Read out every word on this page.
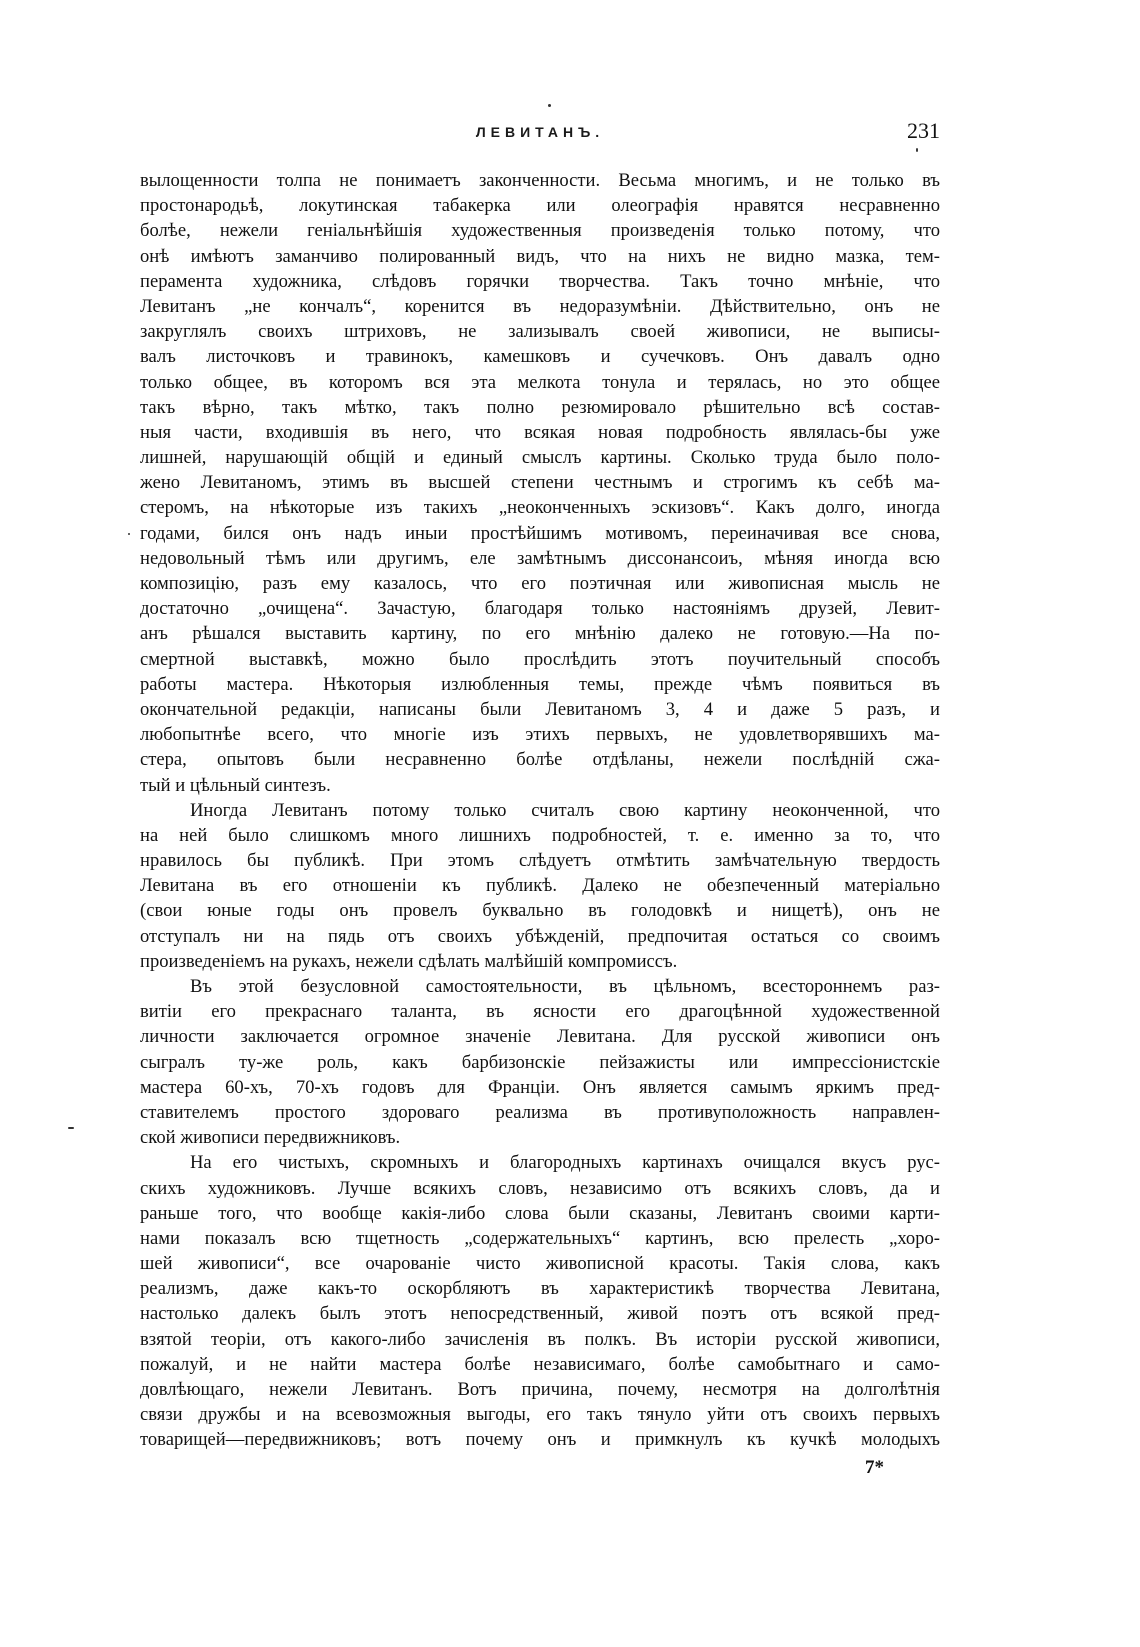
ЛЕВИТАНЪ.	231
вылощенности толпа не понимаетъ законченности. Весьма многимъ, и не только въ
простонародьѣ, локутинская табакерка или олеографія нравятся несравненно
болѣе, нежели геніальнѣйшія художественныя произведенія только потому, что
онѣ имѣютъ заманчиво полированный видъ, что на нихъ не видно мазка, тем-
перамента художника, слѣдовъ горячки творчества. Такъ точно мнѣніе, что
Левитанъ „не кончалъ“, коренится въ недоразумѣніи. Дѣйствительно, онъ не
закруглялъ своихъ штриховъ, не зализывалъ своей живописи, не выписы-
валъ листочковъ и травинокъ, камешковъ и сучечковъ. Онъ давалъ одно
только общее, въ которомъ вся эта мелкота тонула и терялась, но это общее
такъ вѣрно, такъ мѣтко, такъ полно резюмировало рѣшительно всѣ состав-
ныя части, входившія въ него, что всякая новая подробность являлась-бы уже
лишней, нарушающій общій и единый смыслъ картины. Сколько труда было поло-
жено Левитаномъ, этимъ въ высшей степени честнымъ и строгимъ къ себѣ ма-
стеромъ, на нѣкоторые изъ такихъ „неоконченныхъ эскизовъ“. Какъ долго, иногда
годами, бился онъ надъ иныи простѣйшимъ мотивомъ, переиначивая все снова,
недовольный тѣмъ или другимъ, еле замѣтнымъ диссонансоиъ, мѣняя иногда всю
композицію, разъ ему казалось, что его поэтичная или живописная мысль не
достаточно „очищена“. Зачастую, благодаря только настояніямъ друзей, Левит-
анъ рѣшался выставить картину, по его мнѣнію далеко не готовую.—На по-
смертной выставкѣ, можно было прослѣдить этотъ поучительный способъ
работы мастера. Нѣкоторыя излюбленныя темы, прежде чѣмъ появиться въ
окончательной редакціи, написаны были Левитаномъ 3, 4 и даже 5 разъ, и
любопытнѣе всего, что многіе изъ этихъ первыхъ, не удовлетворявшихъ ма-
стера, опытовъ были несравненно болѣе отдѣланы, нежели послѣдній сжа-
тый и цѣльный синтезъ.
Иногда Левитанъ потому только считалъ свою картину неоконченной, что
на ней было слишкомъ много лишнихъ подробностей, т. е. именно за то, что
нравилось бы публикѣ. При этомъ слѣдуетъ отмѣтить замѣчательную твердость
Левитана въ его отношеніи къ публикѣ. Далеко не обезпеченный матеріально
(свои юные годы онъ провелъ буквально въ голодовкѣ и нищетѣ), онъ не
отступалъ ни на пядь отъ своихъ убѣжденій, предпочитая остаться со своимъ
произведеніемъ на рукахъ, нежели сдѣлать малѣйшій компромиссъ.
Въ этой безусловной самостоятельности, въ цѣльномъ, всестороннемъ раз-
витіи его прекраснаго таланта, въ ясности его драгоцѣнной художественной
личности заключается огромное значеніе Левитана. Для русской живописи онъ
сыгралъ ту-же роль, какъ барбизонскіе пейзажисты или импрессіонистскіе
мастера 60-хъ, 70-хъ годовъ для Франціи. Онъ является самымъ яркимъ пред-
ставителемъ простого здороваго реализма въ противуположность направлен-
ской живописи передвижниковъ.
На его чистыхъ, скромныхъ и благородныхъ картинахъ очищался вкусъ рус-
скихъ художниковъ. Лучше всякихъ словъ, независимо отъ всякихъ словъ, да и
раньше того, что вообще какія-либо слова были сказаны, Левитанъ своими карти-
нами показалъ всю тщетность „содержательныхъ“ картинъ, всю прелесть „хоро-
шей живописи“, все очарованіе чисто живописной красоты. Такія слова, какъ
реализмъ, даже какъ-то оскорбляютъ въ характеристикѣ творчества Левитана,
настолько далекъ былъ этотъ непосредственный, живой поэтъ отъ всякой пред-
взятой теоріи, отъ какого-либо зачисленія въ полкъ. Въ исторіи русской живописи,
пожалуй, и не найти мастера болѣе независимаго, болѣе самобытнаго и само-
довлѣющаго, нежели Левитанъ. Вотъ причина, почему, несмотря на долголѣтнія
связи дружбы и на всевозможныя выгоды, его такъ тянуло уйти отъ своихъ первыхъ
товарищей—передвижниковъ; вотъ почему онъ и примкнулъ къ кучкѣ молодыхъ
7*
